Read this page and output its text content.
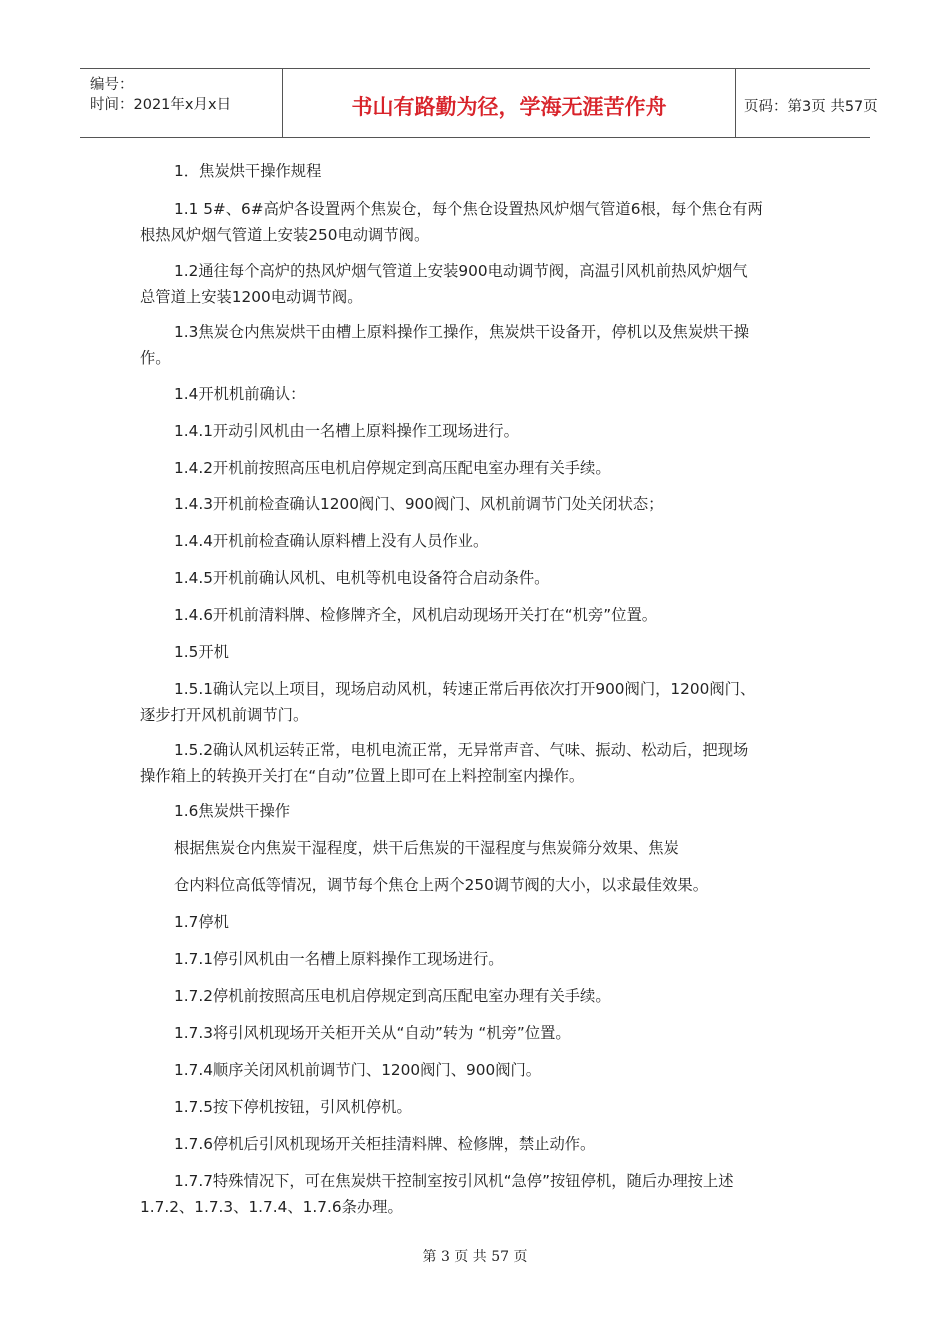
编号：
时间：2021年x月x日	书山有路勤为径，学海无涯苦作舟	页码：第3页 共57页
1．焦炭烘干操作规程
1.1 5#、6#高炉各设置两个焦炭仓，每个焦仓设置热风炉烟气管道6根，每个焦仓有两
根热风炉烟气管道上安装250电动调节阀。
1.2通往每个高炉的热风炉烟气管道上安装900电动调节阀，高温引风机前热风炉烟气
总管道上安装1200电动调节阀。
1.3焦炭仓内焦炭烘干由槽上原料操作工操作，焦炭烘干设备开，停机以及焦炭烘干操
作。
1.4开机机前确认：
1.4.1开动引风机由一名槽上原料操作工现场进行。
1.4.2开机前按照高压电机启停规定到高压配电室办理有关手续。
1.4.3开机前检查确认1200阀门、900阀门、风机前调节门处关闭状态；
1.4.4开机前检查确认原料槽上没有人员作业。
1.4.5开机前确认风机、电机等机电设备符合启动条件。
1.4.6开机前清料牌、检修牌齐全，风机启动现场开关打在“机旁”位置。
1.5开机
1.5.1确认完以上项目，现场启动风机，转速正常后再依次打开900阀门，1200阀门、
逐步打开风机前调节门。
1.5.2确认风机运转正常，电机电流正常，无异常声音、气味、振动、松动后，把现场
操作箱上的转换开关打在“自动”位置上即可在上料控制室内操作。
1.6焦炭烘干操作
根据焦炭仓内焦炭干湿程度，烘干后焦炭的干湿程度与焦炭筛分效果、焦炭
仓内料位高低等情况，调节每个焦仓上两个250调节阀的大小，以求最佳效果。
1.7停机
1.7.1停引风机由一名槽上原料操作工现场进行。
1.7.2停机前按照高压电机启停规定到高压配电室办理有关手续。
1.7.3将引风机现场开关柜开关从“自动”转为 “机旁”位置。
1.7.4顺序关闭风机前调节门、1200阀门、900阀门。
1.7.5按下停机按钮，引风机停机。
1.7.6停机后引风机现场开关柜挂清料牌、检修牌，禁止动作。
1.7.7特殊情况下，可在焦炭烘干控制室按引风机“急停”按钮停机，随后办理按上述
1.7.2、1.7.3、1.7.4、1.7.6条办理。
第 3 页 共 57 页
